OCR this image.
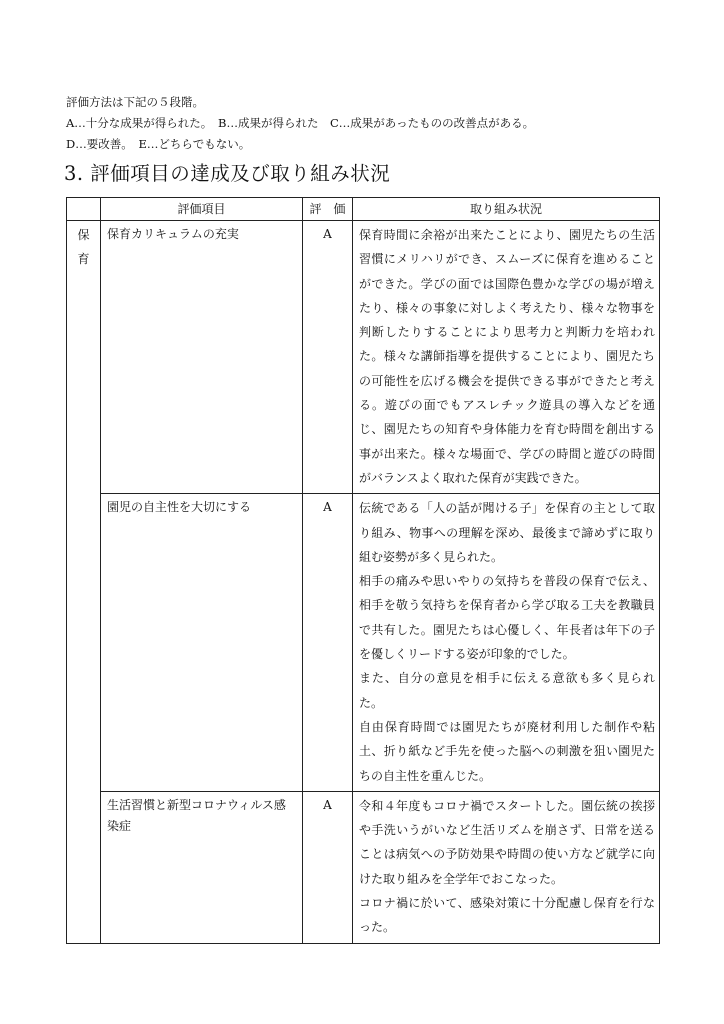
評価方法は下記の５段階。
A…十分な成果が得られた。　B…成果が得られた　C…成果があったものの改善点がある。
D…要改善。　E…どちらでもない。
3. 評価項目の達成及び取り組み状況
	評価項目	評　価	取り組み状況

保
育	保育カリキュラムの充実	A	保育時間に余裕が出来たことにより、園児たちの生活習慣にメリハリができ、スムーズに保育を進めることができた。学びの面では国際色豊かな学びの場が増えたり、様々の事象に対しよく考えたり、様々な物事を判断したりすることにより思考力と判断力を培われた。様々な講師指導を提供することにより、園児たちの可能性を広げる機会を提供できる事ができたと考える。遊びの面でもアスレチック遊具の導入などを通じ、園児たちの知育や身体能力を育む時間を創出する事が出来た。様々な場面で、学びの時間と遊びの時間がバランスよく取れた保育が実践できた。

	園児の自主性を大切にする	A	伝統である「人の話が聞ける子」を保育の主として取り組み、物事への理解を深め、最後まで諦めずに取り組む姿勢が多く見られた。

相手の痛みや思いやりの気持ちを普段の保育で伝え、相手を敬う気持ちを保育者から学び取る工夫を教職員で共有した。園児たちは心優しく、年長者は年下の子を優しくリードする姿が印象的でした。

また、自分の意見を相手に伝える意欲も多く見られた。

自由保育時間では園児たちが廃材利用した制作や粘土、折り紙など手先を使った脳への刺激を狙い園児たちの自主性を重んじた。

	生活習慣と新型コロナウィルス感染症	A	令和４年度もコロナ禍でスタートした。園伝統の挨拶や手洗いうがいなど生活リズムを崩さず、日常を送ることは病気への予防効果や時間の使い方など就学に向けた取り組みを全学年でおこなった。

コロナ禍に於いて、感染対策に十分配慮し保育を行なった。
